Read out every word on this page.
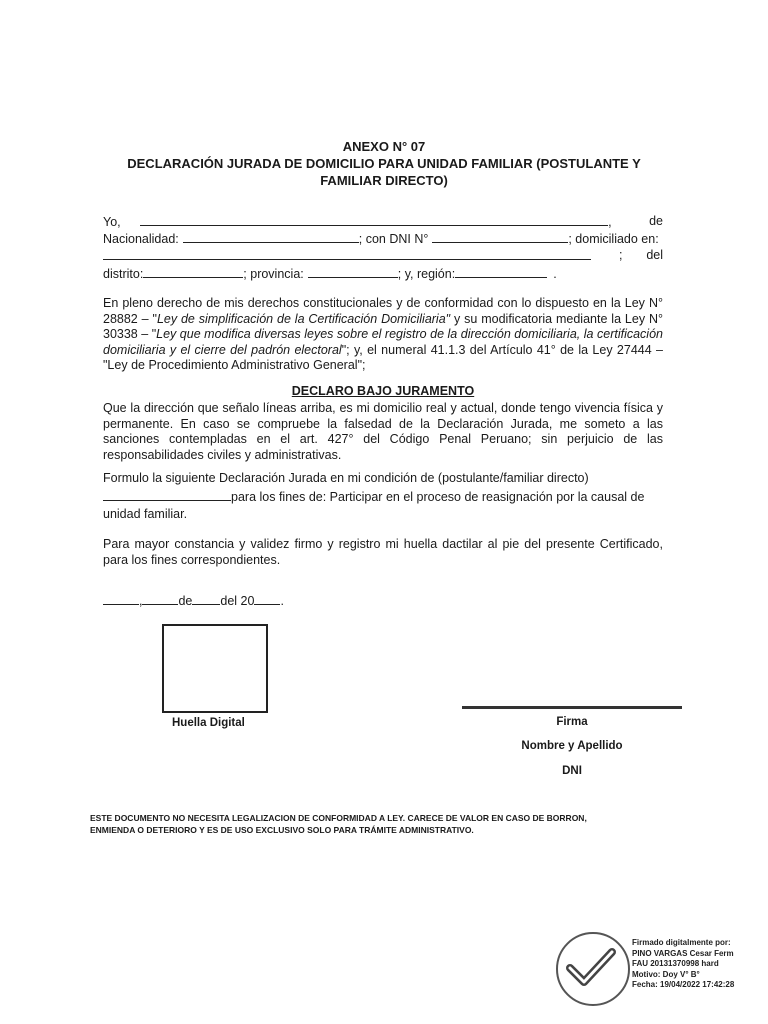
ANEXO N° 07
DECLARACIÓN JURADA DE DOMICILIO PARA UNIDAD FAMILIAR (POSTULANTE Y
FAMILIAR DIRECTO)
Yo,	,	de
Nacionalidad:	; con DNI N°	; domiciliado en:
; del
distrito:	; provincia:	; y, región:	.
En pleno derecho de mis derechos constitucionales y de conformidad con lo dispuesto en la Ley N° 28882 – "Ley de simplificación de la Certificación Domiciliaria" y su modificatoria mediante la Ley N° 30338 – "Ley que modifica diversas leyes sobre el registro de la dirección domiciliaria, la certificación domiciliaria y el cierre del padrón electoral"; y, el numeral 41.1.3 del Artículo 41° de la Ley 27444 – "Ley de Procedimiento Administrativo General";
DECLARO BAJO JURAMENTO
Que la dirección que señalo líneas arriba, es mi domicilio real y actual, donde tengo vivencia física y permanente. En caso se compruebe la falsedad de la Declaración Jurada, me someto a las sanciones contempladas en el art. 427° del Código Penal Peruano; sin perjuicio de las responsabilidades civiles y administrativas.
Formulo la siguiente Declaración Jurada en mi condición de (postulante/familiar directo)
para los fines de: Participar en el proceso de reasignación por la causal de
unidad familiar.
Para mayor constancia y validez firmo y registro mi huella dactilar al pie del presente Certificado, para los fines correspondientes.
,	de del 20 .
Huella Digital	Firma
Nombre y Apellido
DNI
ESTE DOCUMENTO NO NECESITA LEGALIZACION DE CONFORMIDAD A LEY. CARECE DE VALOR EN CASO DE BORRON,
ENMIENDA O DETERIORO Y ES DE USO EXCLUSIVO SOLO PARA TRÁMITE ADMINISTRATIVO.
Firmado digitalmente por:
PINO VARGAS Cesar Ferm
FAU 20131370998 hard
Motivo: Doy V° B°
Fecha: 19/04/2022 17:42:28
